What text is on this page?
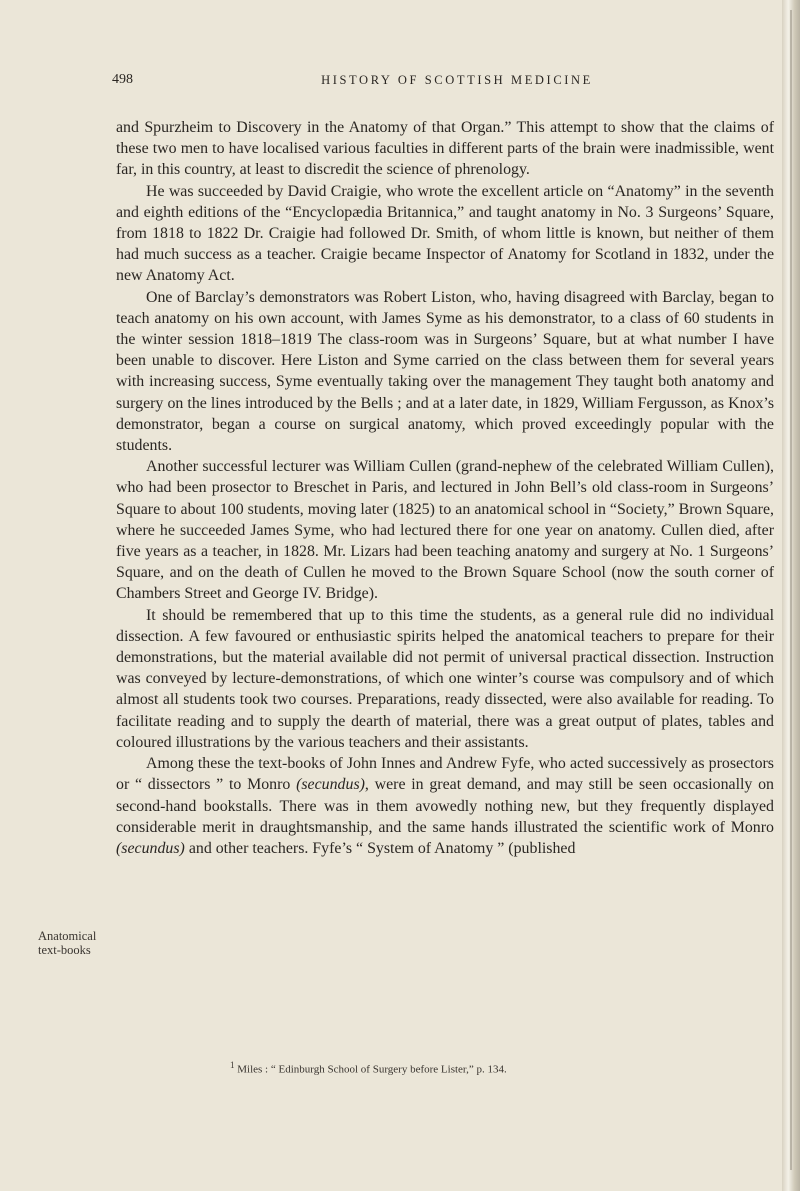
498	HISTORY OF SCOTTISH MEDICINE

and Spurzheim to Discovery in the Anatomy of that Organ.” This attempt to show that the claims of these two men to have localised various faculties in different parts of the brain were inadmissible, went far, in this country, at least to discredit the science of phrenology.

He was succeeded by David Craigie, who wrote the excellent article on “Anatomy” in the seventh and eighth editions of the “Encyclopædia Britannica,” and taught anatomy in No. 3 Surgeons’ Square, from 1818 to 1822 Dr. Craigie had followed Dr. Smith, of whom little is known, but neither of them had much success as a teacher. Craigie became Inspector of Anatomy for Scotland in 1832, under the new Anatomy Act.

One of Barclay’s demonstrators was Robert Liston, who, having disagreed with Barclay, began to teach anatomy on his own account, with James Syme as his demonstrator, to a class of 60 students in the winter session 1818–1819 The class-room was in Surgeons’ Square, but at what number I have been unable to discover. Here Liston and Syme carried on the class between them for several years with increasing success, Syme eventually taking over the management They taught both anatomy and surgery on the lines introduced by the Bells ; and at a later date, in 1829, William Fergusson, as Knox’s demonstrator, began a course on surgical anatomy, which proved exceedingly popular with the students.

Another successful lecturer was William Cullen (grand-nephew of the celebrated William Cullen), who had been prosector to Breschet in Paris, and lectured in John Bell’s old class-room in Surgeons’ Square to about 100 students, moving later (1825) to an anatomical school in “Society,” Brown Square, where he succeeded James Syme, who had lectured there for one year on anatomy. Cullen died, after five years as a teacher, in 1828. Mr. Lizars had been teaching anatomy and surgery at No. 1 Surgeons’ Square, and on the death of Cullen he moved to the Brown Square School (now the south corner of Chambers Street and George IV. Bridge).

It should be remembered that up to this time the students, as a general rule did no individual dissection. A few favoured or enthusiastic spirits helped the anatomical teachers to prepare for their demonstrations, but the material available did not permit of universal practical dissection. Instruction was conveyed by lecture-demonstrations, of which one winter’s course was compulsory and of which almost all students took two courses. Preparations, ready dissected, were also available for reading. To facilitate reading and to supply the dearth of material, there was a great output of plates, tables and coloured illustrations by the various teachers and their assistants.

Among these the text-books of John Innes and Andrew Fyfe, who acted successively as prosectors or “ dissectors ” to Monro (secundus), were in great demand, and may still be seen occasionally on second-hand bookstalls. There was in them avowedly nothing new, but they frequently displayed considerable merit in draughtsmanship, and the same hands illustrated the scientific work of Monro (secundus) and other teachers. Fyfe’s “ System of Anatomy ” (published

Anatomical text-books
$^1$ Miles : “ Edinburgh School of Surgery before Lister,” p. 134.
